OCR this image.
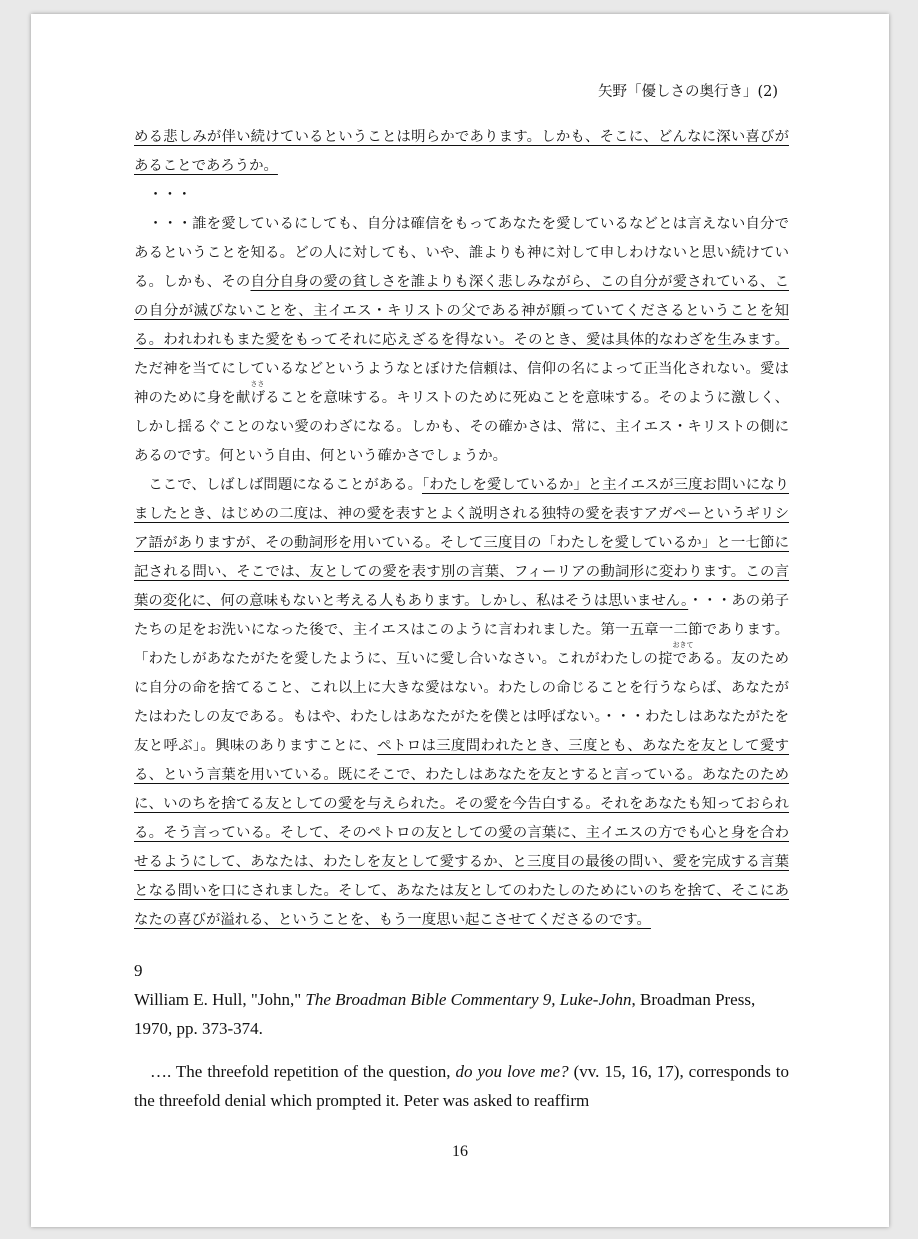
矢野「優しさの奥行き」(2)

める悲しみが伴い続けているということは明らかであります。しかも、そこに、どんなに深い喜びがあることであろうか。

・・・

・・・誰を愛しているにしても、自分は確信をもってあなたを愛しているなどとは言えない自分であるということを知る。どの人に対しても、いや、誰よりも神に対して申しわけないと思い続けている。しかも、その自分自身の愛の貧しさを誰よりも深く悲しみながら、この自分が愛されている、この自分が滅びないことを、主イエス・キリストの父である神が願っていてくださるということを知る。われわれもまた愛をもってそれに応えざるを得ない。そのとき、愛は具体的なわざを生みます。ただ神を当てにしているなどというようなとぼけた信頼は、信仰の名によって正当化されない。愛は神のために身を
ささ
献げることを意味する。キリストのために死ぬことを意味する。そのように激しく、しかし揺るぐことのない愛のわざになる。しかも、その確かさは、常に、主イエス・キリストの側にあるのです。何という自由、何という確かさでしょうか。

ここで、しばしば問題になることがある。「わたしを愛しているか」と主イエスが三度お問いになりましたとき、はじめの二度は、神の愛を表すとよく説明される独特の愛を表すアガペーというギリシア語がありますが、その動詞形を用いている。そして三度目の「わたしを愛しているか」と一七節に記される問い、そこでは、友としての愛を表す別の言葉、フィーリアの動詞形に変わります。この言葉の変化に、何の意味もないと考える人もあります。しかし、私はそうは思いません。・・・あの弟子たちの足をお洗いになった後で、主イエスはこのように言われました。第一五章一二節であります。「わたしがあなたがたを愛したように、互いに愛し合いなさい。これがわたしの
おきて
掟である。友のために自分の命を捨てること、これ以上に大きな愛はない。わたしの命じることを行うならば、あなたがたはわたしの友である。もはや、わたしはあなたがたを僕とは呼ばない。・・・わたしはあなたがたを友と呼ぶ」。興味のありますことに、ペトロは三度問われたとき、三度とも、あなたを友として愛する、という言葉を用いている。既にそこで、わたしはあなたを友とすると言っている。あなたのために、いのちを捨てる友としての愛を与えられた。その愛を今告白する。それをあなたも知っておられる。そう言っている。そして、そのペトロの友としての愛の言葉に、主イエスの方でも心と身を合わせるようにして、あなたは、わたしを友として愛するか、と三度目の最後の問い、愛を完成する言葉となる問いを口にされました。そして、あなたは友としてのわたしのためにいのちを捨て、そこにあなたの喜びが溢れる、ということを、もう一度思い起こさせてくださるのです。

9
William E. Hull, "John," The Broadman Bible Commentary 9, Luke-John, Broadman Press, 1970, pp. 373-374.
…. The threefold repetition of the question, do you love me? (vv. 15, 16, 17), corresponds to the threefold denial which prompted it. Peter was asked to reaffirm
16
